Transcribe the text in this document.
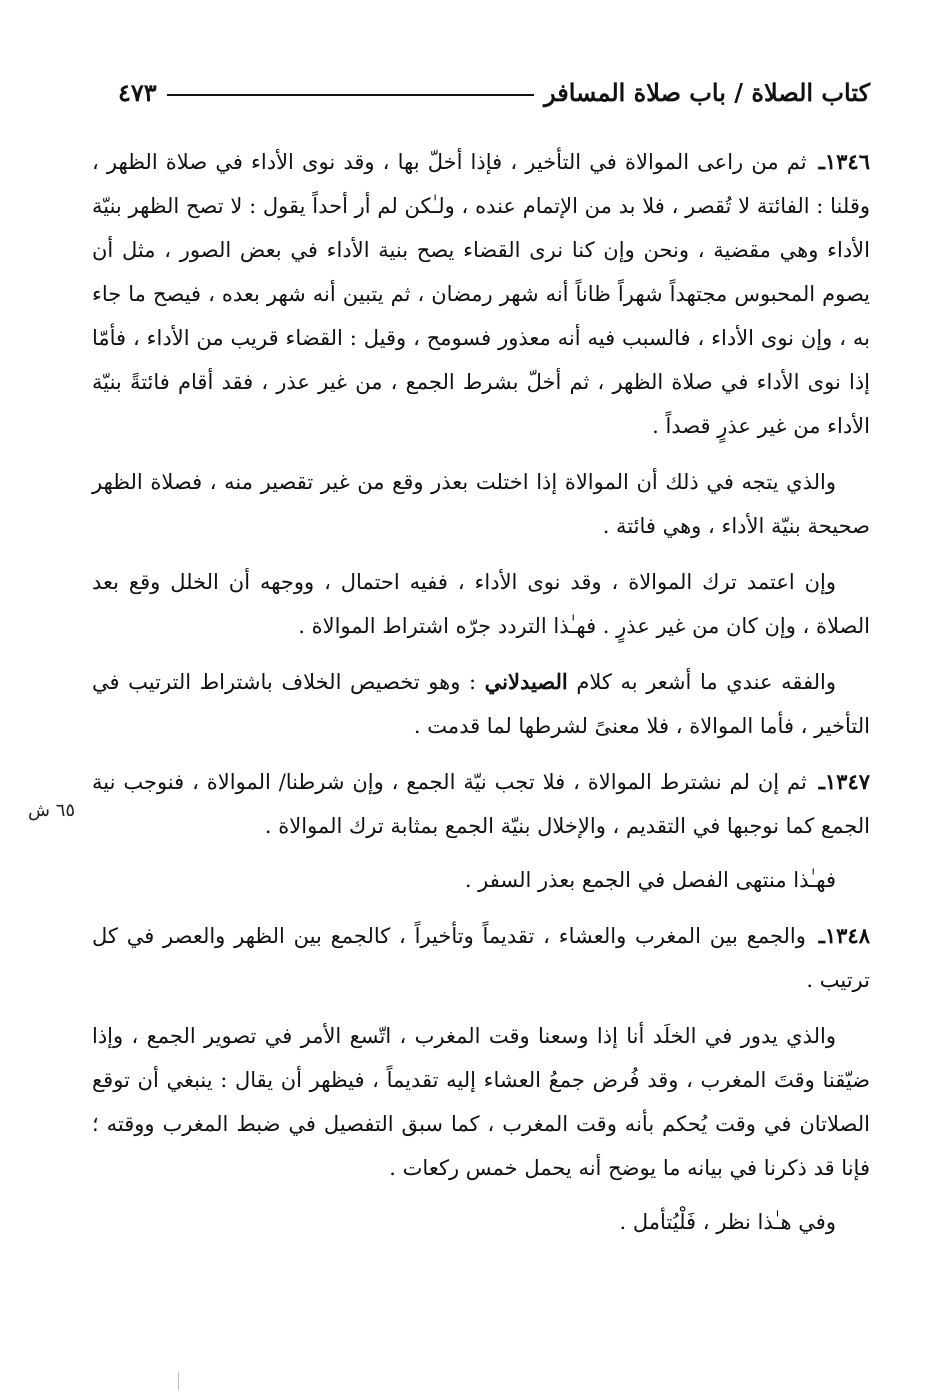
كتاب الصلاة / باب صلاة المسافر
٤٧٣
٦٥ ش

١٣٤٦ـ ثم من راعى الموالاة في التأخير ، فإذا أخلّ بها ، وقد نوى الأداء في صلاة الظهر ، وقلنا : الفائتة لا تُقصر ، فلا بد من الإتمام عنده ، ولـٰكن لم أر أحداً يقول : لا تصح الظهر بنيّة الأداء وهي مقضية ، ونحن وإن كنا نرى القضاء يصح بنية الأداء في بعض الصور ، مثل أن يصوم المحبوس مجتهداً شهراً ظاناً أنه شهر رمضان ، ثم يتبين أنه شهر بعده ، فيصح ما جاء به ، وإن نوى الأداء ، فالسبب فيه أنه معذور فسومح ، وقيل : القضاء قريب من الأداء ، فأمّا إذا نوى الأداء في صلاة الظهر ، ثم أخلّ بشرط الجمع ، من غير عذر ، فقد أقام فائتةً بنيّة الأداء من غير عذرٍ قصداً .

والذي يتجه في ذلك أن الموالاة إذا اختلت بعذر وقع من غير تقصير منه ، فصلاة الظهر صحيحة بنيّة الأداء ، وهي فائتة .

وإن اعتمد ترك الموالاة ، وقد نوى الأداء ، ففيه احتمال ، ووجهه أن الخلل وقع بعد الصلاة ، وإن كان من غير عذرٍ . فهـٰذا التردد جرّه اشتراط الموالاة .

والفقه عندي ما أشعر به كلام الصيدلاني : وهو تخصيص الخلاف باشتراط الترتيب في التأخير ، فأما الموالاة ، فلا معنىً لشرطها لما قدمت .

١٣٤٧ـ ثم إن لم نشترط الموالاة ، فلا تجب نيّة الجمع ، وإن شرطنا/ الموالاة ، فنوجب نية الجمع كما نوجبها في التقديم ، والإخلال بنيّة الجمع بمثابة ترك الموالاة .

فهـٰذا منتهى الفصل في الجمع بعذر السفر .

١٣٤٨ـ والجمع بين المغرب والعشاء ، تقديماً وتأخيراً ، كالجمع بين الظهر والعصر في كل ترتيب .

والذي يدور في الخلَد أنا إذا وسعنا وقت المغرب ، اتّسع الأمر في تصوير الجمع ، وإذا ضيّقنا وقتَ المغرب ، وقد فُرض جمعُ العشاء إليه تقديماً ، فيظهر أن يقال : ينبغي أن توقع الصلاتان في وقت يُحكم بأنه وقت المغرب ، كما سبق التفصيل في ضبط المغرب ووقته ؛ فإنا قد ذكرنا في بيانه ما يوضح أنه يحمل خمس ركعات .

وفي هـٰذا نظر ، فَلْيُتأمل .
